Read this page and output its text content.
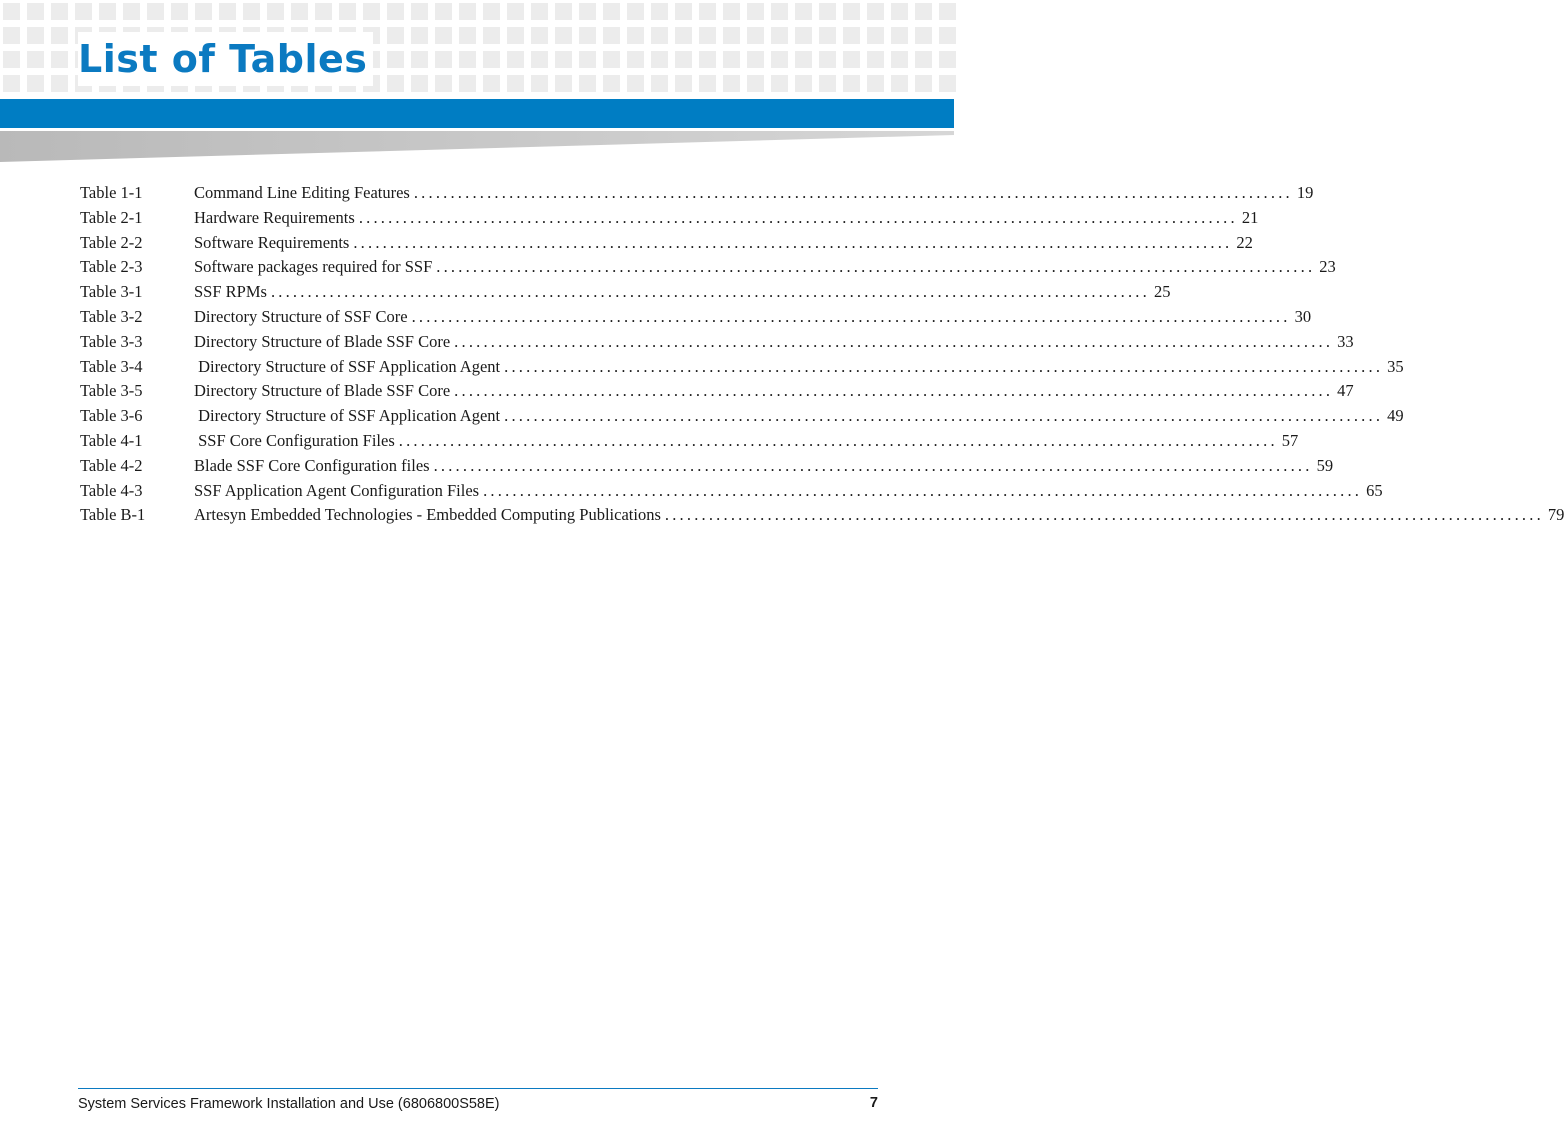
List of Tables
Table 1-1	Command Line Editing Features ........................................................................................................................ 19
Table 2-1	Hardware Requirements ........................................................................................................................ 21
Table 2-2	Software Requirements ........................................................................................................................ 22
Table 2-3	Software packages required for SSF ........................................................................................................................ 23
Table 3-1	SSF RPMs ........................................................................................................................ 25
Table 3-2	Directory Structure of SSF Core ........................................................................................................................ 30
Table 3-3	Directory Structure of Blade SSF Core ........................................................................................................................ 33
Table 3-4	Directory Structure of SSF Application Agent ........................................................................................................................ 35
Table 3-5	Directory Structure of Blade SSF Core ........................................................................................................................ 47
Table 3-6	Directory Structure of SSF Application Agent ........................................................................................................................ 49
Table 4-1	SSF Core Configuration Files ........................................................................................................................ 57
Table 4-2	Blade SSF Core Configuration files ........................................................................................................................ 59
Table 4-3	SSF Application Agent Configuration Files ........................................................................................................................ 65
Table B-1	Artesyn Embedded Technologies - Embedded Computing Publications ........................................................................................................................ 79
System Services Framework Installation and Use (6806800S58E)	7
